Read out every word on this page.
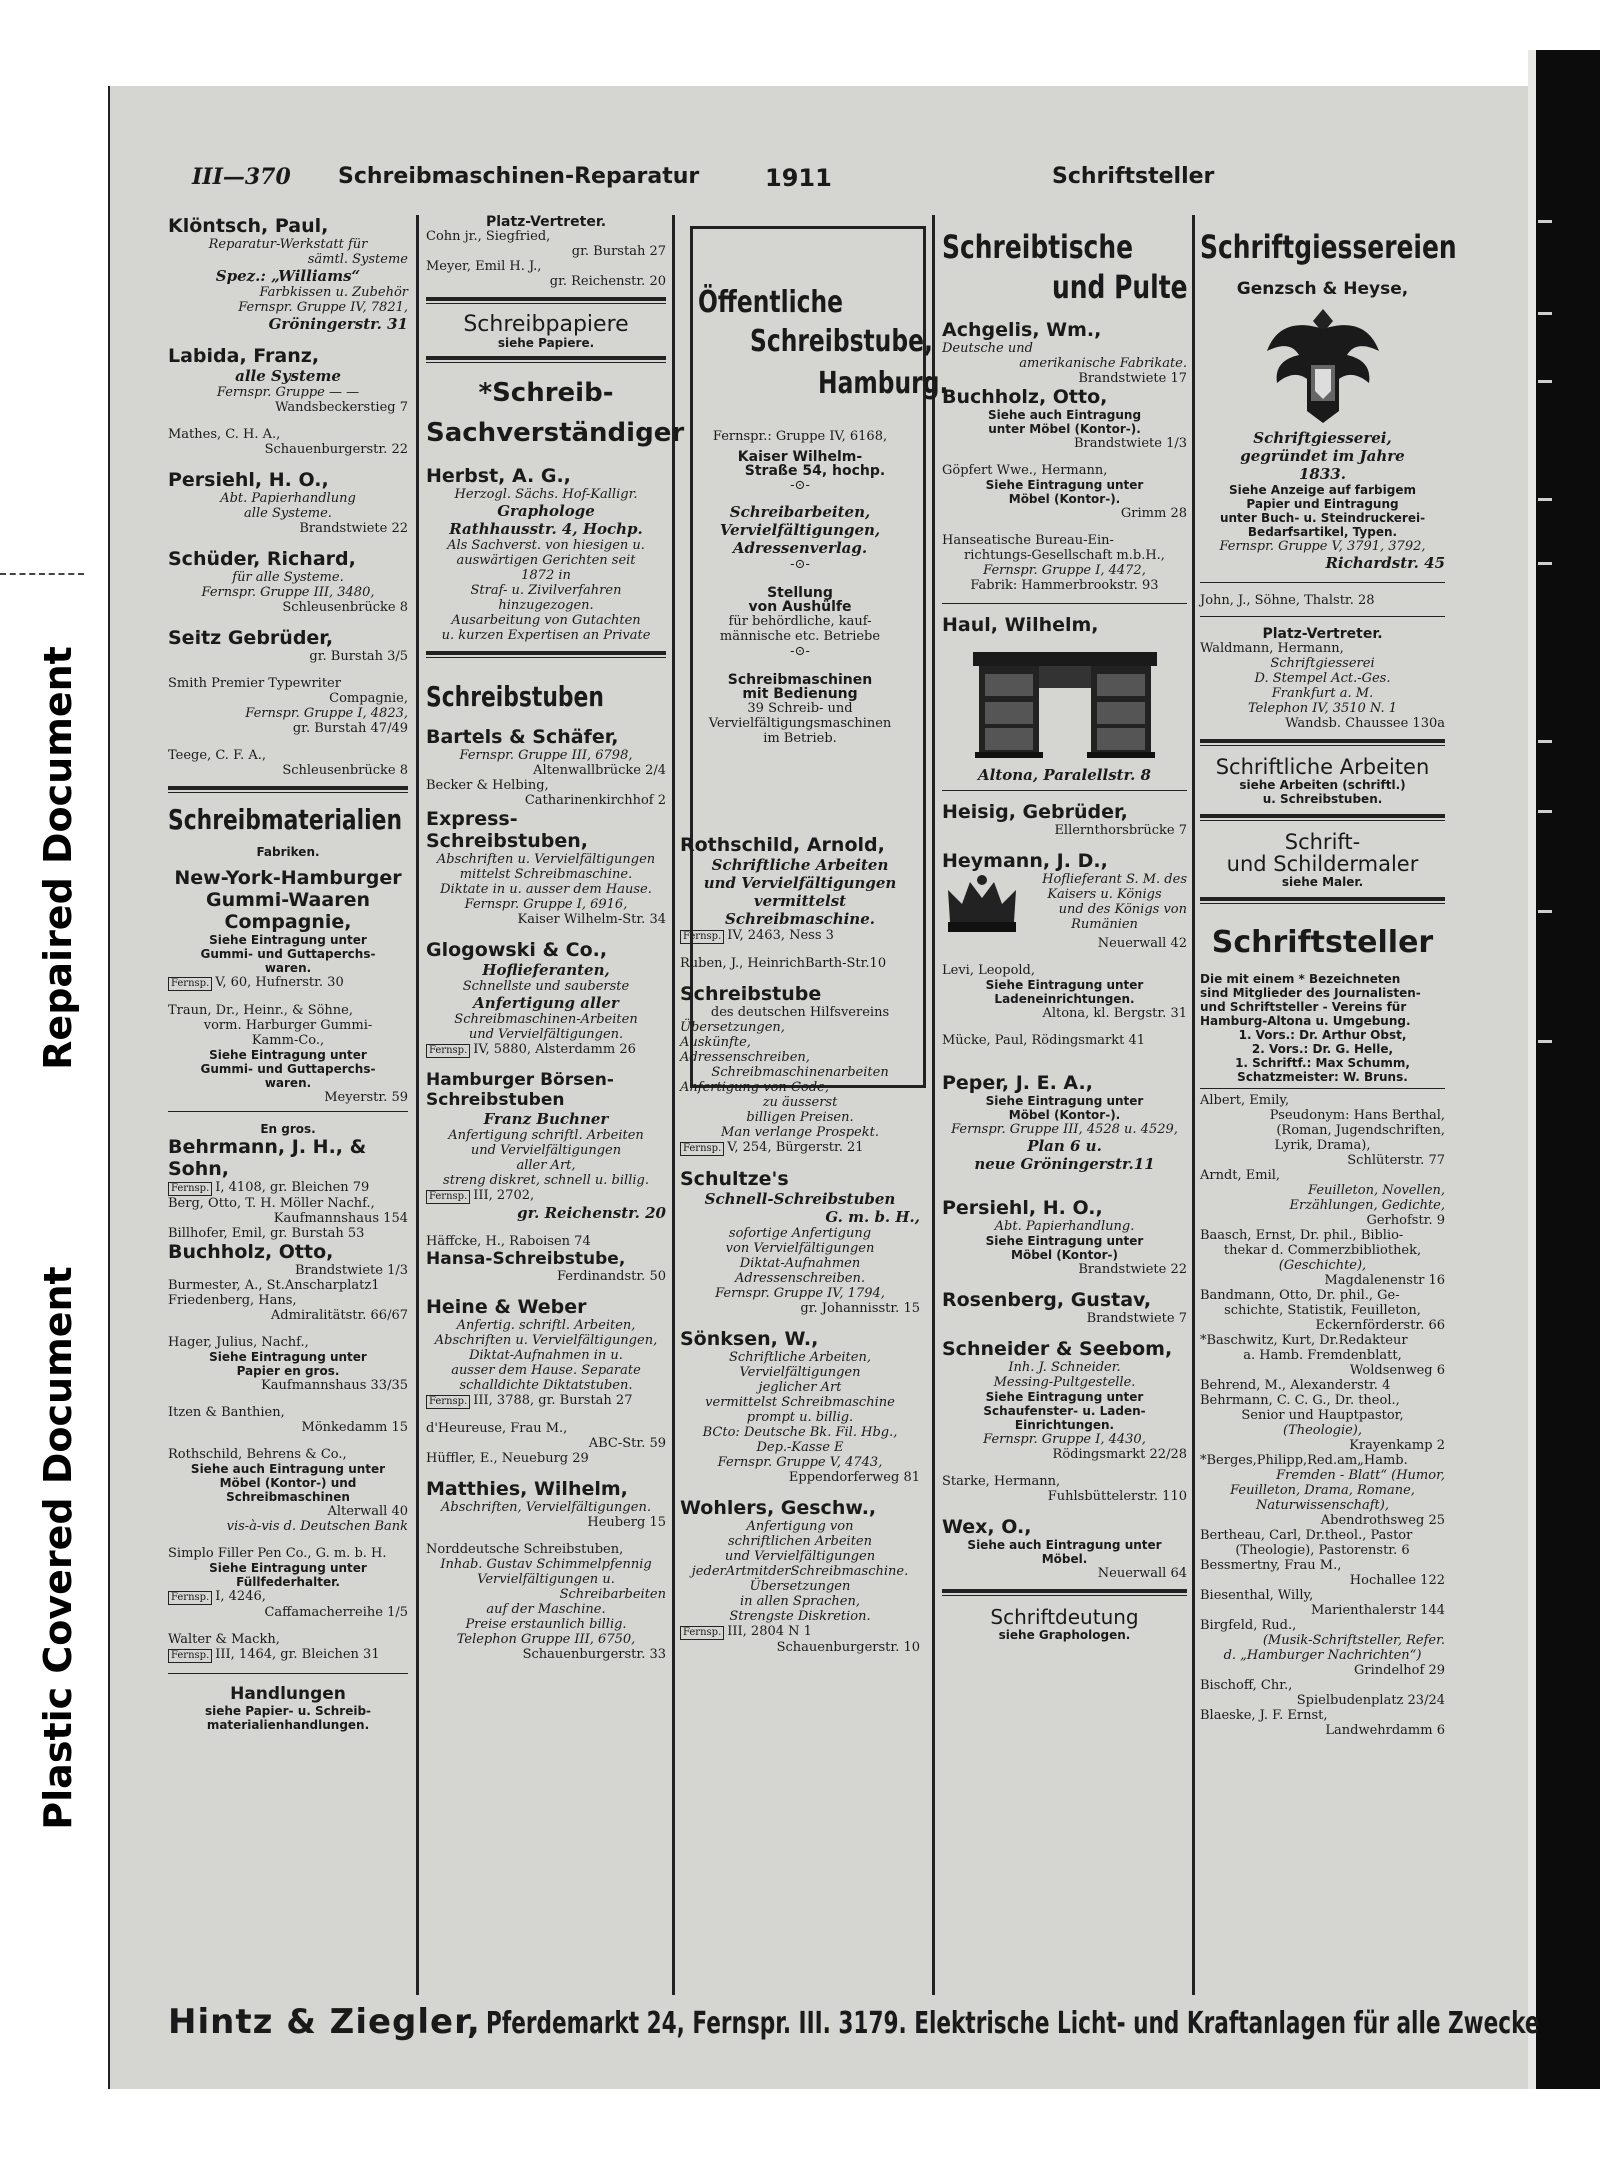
Repaired Document
Plastic Covered Document
III—370 Schreibmaschinen-Reparatur	1911	Schriftsteller
Klöntsch, Paul,
Reparatur-Werkstatt für
sämtl. Systeme
Spez.: „Williams“
Farbkissen u. Zubehör
Fernspr. Gruppe IV, 7821,
Gröningerstr. 31
Labida, Franz,
alle Systeme
Fernspr. Gruppe — —
Wandsbeckerstieg 7
Mathes, C. H. A.,
Schauenburgerstr. 22
Persiehl, H. O.,
Abt. Papierhandlung
alle Systeme.
Brandstwiete 22
Schüder, Richard,
für alle Systeme.
Fernspr. Gruppe III, 3480,
Schleusenbrücke 8
Seitz Gebrüder,
gr. Burstah 3/5
Smith Premier Typewriter
Compagnie,
Fernspr. Gruppe I, 4823,
gr. Burstah 47/49
Teege, C. F. A.,
Schleusenbrücke 8
Schreibmaterialien
Fabriken.
New-York-Hamburger Gummi-Waaren Compagnie,
Siehe Eintragung unter
Gummi- und Guttaperchs-
waren.
Fernsp. V, 60, Hufnerstr. 30
Traun, Dr., Heinr., & Söhne,
vorm. Harburger Gummi-
Kamm-Co.,
Siehe Eintragung unter
Gummi- und Guttaperchs-
waren.
Meyerstr. 59
En gros.
Behrmann, J. H., & Sohn,
Fernsp. I, 4108, gr. Bleichen 79
Berg, Otto, T. H. Möller Nachf.,
Kaufmannshaus 154
Billhofer, Emil, gr. Burstah 53
Buchholz, Otto,
Brandstwiete 1/3
Burmester, A., St.Anscharplatz1
Friedenberg, Hans,
Admiralitätstr. 66/67
Hager, Julius, Nachf.,
Siehe Eintragung unter
Papier en gros.
Kaufmannshaus 33/35
Itzen & Banthien,
Mönkedamm 15
Rothschild, Behrens & Co.,
Siehe auch Eintragung unter
Möbel (Kontor-) und
Schreibmaschinen
Alterwall 40
vis-à-vis d. Deutschen Bank
Simplo Filler Pen Co., G. m. b. H.
Siehe Eintragung unter
Füllfederhalter.
Fernsp. I, 4246,
Caffamacherreihe 1/5
Walter & Mackh,
Fernsp. III, 1464, gr. Bleichen 31
Handlungen
siehe Papier- u. Schreib-
materialienhandlungen.
Platz-Vertreter.
Cohn jr., Siegfried,
gr. Burstah 27
Meyer, Emil H. J.,
gr. Reichenstr. 20
Schreibpapiere
siehe Papiere.
*Schreib-Sachverständiger
Herbst, A. G.,
Herzogl. Sächs. Hof-Kalligr.
Graphologe
Rathhausstr. 4, Hochp.
Als Sachverst. von hiesigen u.
auswärtigen Gerichten seit
1872 in
Straf- u. Zivilverfahren
hinzugezogen.
Ausarbeitung von Gutachten
u. kurzen Expertisen an Private
Schreibstuben
Bartels & Schäfer,
Fernspr. Gruppe III, 6798,
Altenwallbrücke 2/4
Becker & Helbing,
Catharinenkirchhof 2
Express-Schreibstuben,
Abschriften u. Vervielfältigungen
mittelst Schreibmaschine.
Diktate in u. ausser dem Hause.
Fernspr. Gruppe I, 6916,
Kaiser Wilhelm-Str. 34
Glogowski & Co.,
Hoflieferanten,
Schnellste und sauberste
Anfertigung aller
Schreibmaschinen-Arbeiten
und Vervielfältigungen.
Fernsp. IV, 5880, Alsterdamm 26
Hamburger Börsen-Schreibstuben
Franz Buchner
Anfertigung schriftl. Arbeiten
und Vervielfältigungen
aller Art,
streng diskret, schnell u. billig.
Fernsp. III, 2702,
gr. Reichenstr. 20
Häffcke, H., Raboisen 74
Hansa-Schreibstube,
Ferdinandstr. 50
Heine & Weber
Anfertig. schriftl. Arbeiten,
Abschriften u. Vervielfältigungen,
Diktat-Aufnahmen in u.
ausser dem Hause. Separate
schalldichte Diktatstuben.
Fernsp. III, 3788, gr. Burstah 27
d'Heureuse, Frau M.,
ABC-Str. 59
Hüffler, E., Neueburg 29
Matthies, Wilhelm,
Abschriften, Vervielfältigungen.
Heuberg 15
Norddeutsche Schreibstuben,
Inhab. Gustav Schimmelpfennig
Vervielfältigungen u.
Schreibarbeiten
auf der Maschine.
Preise erstaunlich billig.
Telephon Gruppe III, 6750,
Schauenburgerstr. 33
Öffentliche
Schreibstube,
Hamburg.
Fernspr.: Gruppe IV, 6168,
Kaiser Wilhelm-
Straße 54, hochp.
-⊙-
Schreibarbeiten,
Vervielfältigungen,
Adressenverlag.
-⊙-
Stellung
von Aushülfe
für behördliche, kauf-
männische etc. Betriebe
-⊙-
Schreibmaschinen
mit Bedienung
39 Schreib- und
Vervielfältigungsmaschinen
im Betrieb.
Rothschild, Arnold,
Schriftliche Arbeiten
und Vervielfältigungen
vermittelst
Schreibmaschine.
Fernsp. IV, 2463, Ness 3
Ruben, J., HeinrichBarth-Str.10
Schreibstube
des deutschen Hilfsvereins
Übersetzungen,
Auskünfte,
Adressenschreiben,
Schreibmaschinenarbeiten
Anfertigung von Code,
zu äusserst
billigen Preisen.
Man verlange Prospekt.
Fernsp. V, 254, Bürgerstr. 21
Schultze's
Schnell-Schreibstuben
G. m. b. H.,
sofortige Anfertigung
von Vervielfältigungen
Diktat-Aufnahmen
Adressenschreiben.
Fernspr. Gruppe IV, 1794,
gr. Johannisstr. 15
Sönksen, W.,
Schriftliche Arbeiten,
Vervielfältigungen
jeglicher Art
vermittelst Schreibmaschine
prompt u. billig.
BCto: Deutsche Bk. Fil. Hbg.,
Dep.-Kasse E
Fernspr. Gruppe V, 4743,
Eppendorferweg 81
Wohlers, Geschw.,
Anfertigung von
schriftlichen Arbeiten
und Vervielfältigungen
jederArtmitderSchreibmaschine.
Übersetzungen
in allen Sprachen,
Strengste Diskretion.
Fernsp. III, 2804 N 1
Schauenburgerstr. 10
Schreibtische
und Pulte
Achgelis, Wm.,
Deutsche und
amerikanische Fabrikate.
Brandstwiete 17
Buchholz, Otto,
Siehe auch Eintragung
unter Möbel (Kontor-).
Brandstwiete 1/3
Göpfert Wwe., Hermann,
Siehe Eintragung unter
Möbel (Kontor-).
Grimm 28
Hanseatische Bureau-Ein-
richtungs-Gesellschaft m.b.H.,
Fernspr. Gruppe I, 4472,
Fabrik: Hammerbrookstr. 93
Haul, Wilhelm,
Altona, Paralellstr. 8
Heisig, Gebrüder,
Ellernthorsbrücke 7
Heymann, J. D.,
Hoflieferant S. M. des
Kaisers u. Königs
und des Königs von
Rumänien
Neuerwall 42
Levi, Leopold,
Siehe Eintragung unter
Ladeneinrichtungen.
Altona, kl. Bergstr. 31
Mücke, Paul, Rödingsmarkt 41
Peper, J. E. A.,
Siehe Eintragung unter
Möbel (Kontor-).
Fernspr. Gruppe III, 4528 u. 4529,
Plan 6 u.
neue Gröningerstr.11
Persiehl, H. O.,
Abt. Papierhandlung.
Siehe Eintragung unter
Möbel (Kontor-)
Brandstwiete 22
Rosenberg, Gustav,
Brandstwiete 7
Schneider & Seebom,
Inh. J. Schneider.
Messing-Pultgestelle.
Siehe Eintragung unter
Schaufenster- u. Laden-
Einrichtungen.
Fernspr. Gruppe I, 4430,
Rödingsmarkt 22/28
Starke, Hermann,
Fuhlsbüttelerstr. 110
Wex, O.,
Siehe auch Eintragung unter
Möbel.
Neuerwall 64
Schriftdeutung
siehe Graphologen.
Schriftgiessereien
Genzsch & Heyse,
Schriftgiesserei,
gegründet im Jahre
1833.
Siehe Anzeige auf farbigem
Papier und Eintragung
unter Buch- u. Steindruckerei-
Bedarfsartikel, Typen.
Fernspr. Gruppe V, 3791, 3792,
Richardstr. 45
John, J., Söhne, Thalstr. 28
Platz-Vertreter.
Waldmann, Hermann,
Schriftgiesserei
D. Stempel Act.-Ges.
Frankfurt a. M.
Telephon IV, 3510 N. 1
Wandsb. Chaussee 130a
Schriftliche Arbeiten
siehe Arbeiten (schriftl.)
u. Schreibstuben.
Schrift-
und Schildermaler
siehe Maler.
Schriftsteller
Die mit einem * Bezeichneten
sind Mitglieder des Journalisten-
und Schriftsteller - Vereins für
Hamburg-Altona u. Umgebung.
1. Vors.: Dr. Arthur Obst,
2. Vors.: Dr. G. Helle,
1. Schriftf.: Max Schumm,
Schatzmeister: W. Bruns.
Albert, Emily,
Pseudonym: Hans Berthal,
(Roman, Jugendschriften,
Lyrik, Drama),
Schlüterstr. 77
Arndt, Emil,
Feuilleton, Novellen,
Erzählungen, Gedichte,
Gerhofstr. 9
Baasch, Ernst, Dr. phil., Biblio-
thekar d. Commerzbibliothek,
(Geschichte),
Magdalenenstr 16
Bandmann, Otto, Dr. phil., Ge-
schichte, Statistik, Feuilleton,
Eckernförderstr. 66
*Baschwitz, Kurt, Dr.Redakteur
a. Hamb. Fremdenblatt,
Woldsenweg 6
Behrend, M., Alexanderstr. 4
Behrmann, C. C. G., Dr. theol.,
Senior und Hauptpastor,
(Theologie),
Krayenkamp 2
*Berges,Philipp,Red.am„Hamb.
Fremden - Blatt“ (Humor,
Feuilleton, Drama, Romane,
Naturwissenschaft),
Abendrothsweg 25
Bertheau, Carl, Dr.theol., Pastor
(Theologie), Pastorenstr. 6
Bessmertny, Frau M.,
Hochallee 122
Biesenthal, Willy,
Marienthalerstr 144
Birgfeld, Rud.,
(Musik-Schriftsteller, Refer.
d. „Hamburger Nachrichten“)
Grindelhof 29
Bischoff, Chr.,
Spielbudenplatz 23/24
Blaeske, J. F. Ernst,
Landwehrdamm 6
Hintz & Ziegler, Pferdemarkt 24, Fernspr. III. 3179. Elektrische Licht- und Kraftanlagen für alle Zwecke
